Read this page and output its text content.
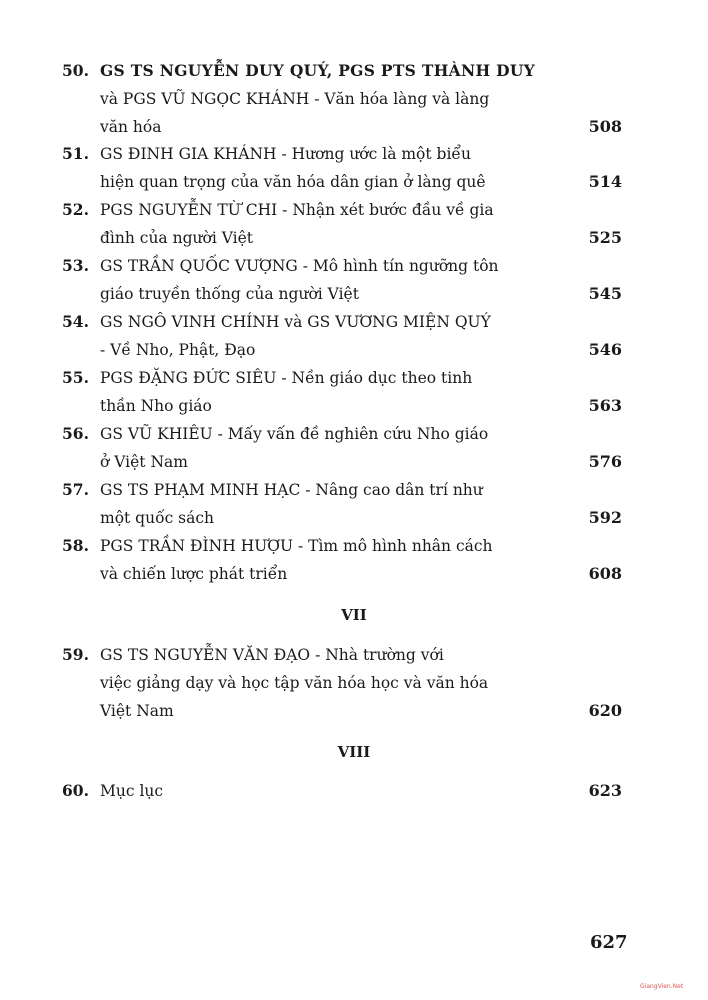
50. GS TS NGUYỄN DUY QUÝ, PGS PTS THÀNH DUY
và PGS VŨ NGỌC KHÁNH - Văn hóa làng và làng
văn hóa	508
51. GS ĐINH GIA KHÁNH - Hương ước là một biểu
hiện quan trọng của văn hóa dân gian ở làng quê	514
52. PGS NGUYỄN TỪ CHI - Nhận xét bước đầu về gia
đình của người Việt	525
53. GS TRẦN QUỐC VƯỢNG - Mô hình tín ngưỡng tôn
giáo truyền thống của người Việt	545
54. GS NGÔ VINH CHÍNH và GS VƯƠNG MIỆN QUÝ
- Về Nho, Phật, Đạo	546
55. PGS ĐẶNG ĐỨC SIÊU - Nền giáo dục theo tinh
thần Nho giáo	563
56. GS VŨ KHIÊU - Mấy vấn đề nghiên cứu Nho giáo
ở Việt Nam	576
57. GS TS PHẠM MINH HẠC - Nâng cao dân trí như
một quốc sách	592
58. PGS TRẦN ĐÌNH HƯỢU - Tìm mô hình nhân cách
và chiến lược phát triển	608
VII
59. GS TS NGUYỄN VĂN ĐẠO - Nhà trường với
việc giảng dạy và học tập văn hóa học và văn hóa
Việt Nam	620
VIII
60. Mục lục	623
627
GiangVien.Net
